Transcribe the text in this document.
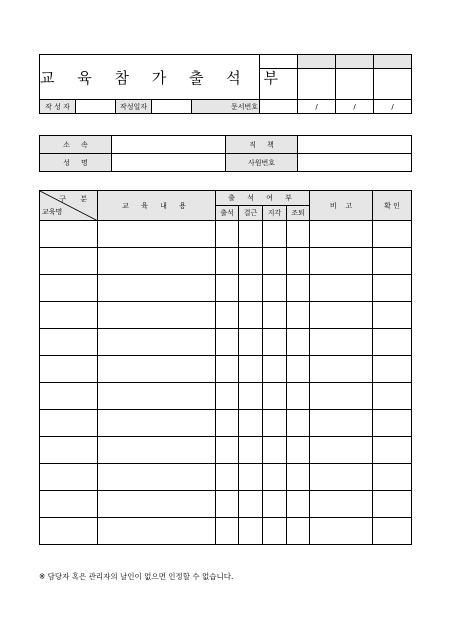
교 육 참 가 출 석 부								

작 성 자		작성일자		문서번호		/	/	/
소     속		직     책	
성     명		사원번호	
구 분
교육명	교 육 내 용	출 석 여 부				비    고	확 인
		출석	결근	지각	조퇴		

※ 담당자 혹은 관리자의 날인이 없으면 인정할 수 없습니다.
